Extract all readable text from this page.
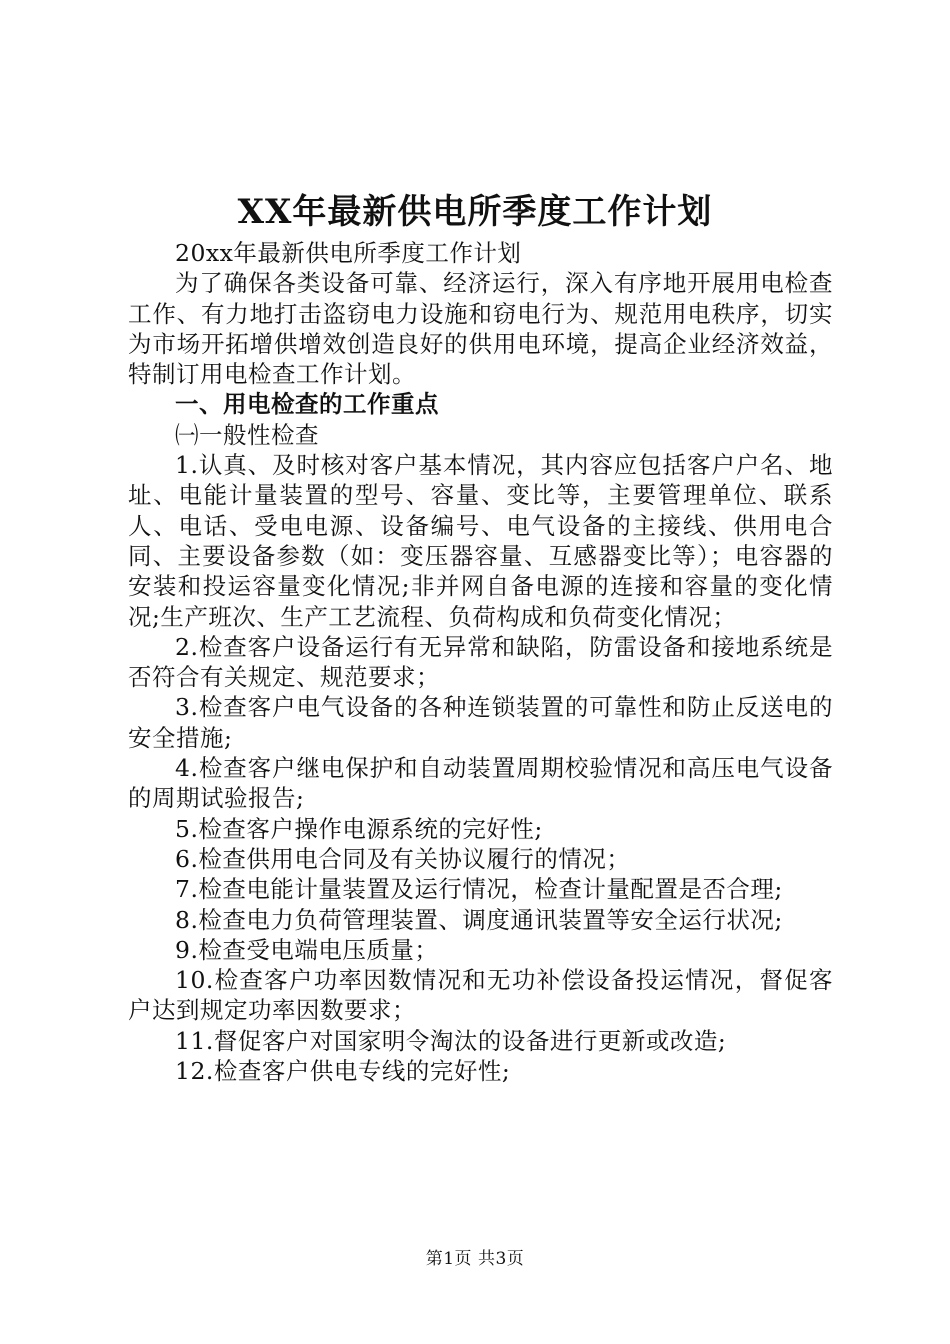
XX年最新供电所季度工作计划

20xx年最新供电所季度工作计划

为了确保各类设备可靠、经济运行，深入有序地开展用电检查工作、有力地打击盗窃电力设施和窃电行为、规范用电秩序，切实为市场开拓增供增效创造良好的供用电环境，提高企业经济效益，特制订用电检查工作计划。

一、用电检查的工作重点

㈠一般性检查

1.认真、及时核对客户基本情况，其内容应包括客户户名、地址、电能计量装置的型号、容量、变比等，主要管理单位、联系人、电话、受电电源、设备编号、电气设备的主接线、供用电合同、主要设备参数（如：变压器容量、互感器变比等）；电容器的安装和投运容量变化情况;非并网自备电源的连接和容量的变化情况;生产班次、生产工艺流程、负荷构成和负荷变化情况；

2.检查客户设备运行有无异常和缺陷，防雷设备和接地系统是否符合有关规定、规范要求；

3.检查客户电气设备的各种连锁装置的可靠性和防止反送电的安全措施;

4.检查客户继电保护和自动装置周期校验情况和高压电气设备的周期试验报告;

5.检查客户操作电源系统的完好性;

6.检查供用电合同及有关协议履行的情况；

7.检查电能计量装置及运行情况，检查计量配置是否合理;

8.检查电力负荷管理装置、调度通讯装置等安全运行状况;

9.检查受电端电压质量；

10.检查客户功率因数情况和无功补偿设备投运情况，督促客户达到规定功率因数要求；

11.督促客户对国家明令淘汰的设备进行更新或改造;

12.检查客户供电专线的完好性;

第1页 共3页
